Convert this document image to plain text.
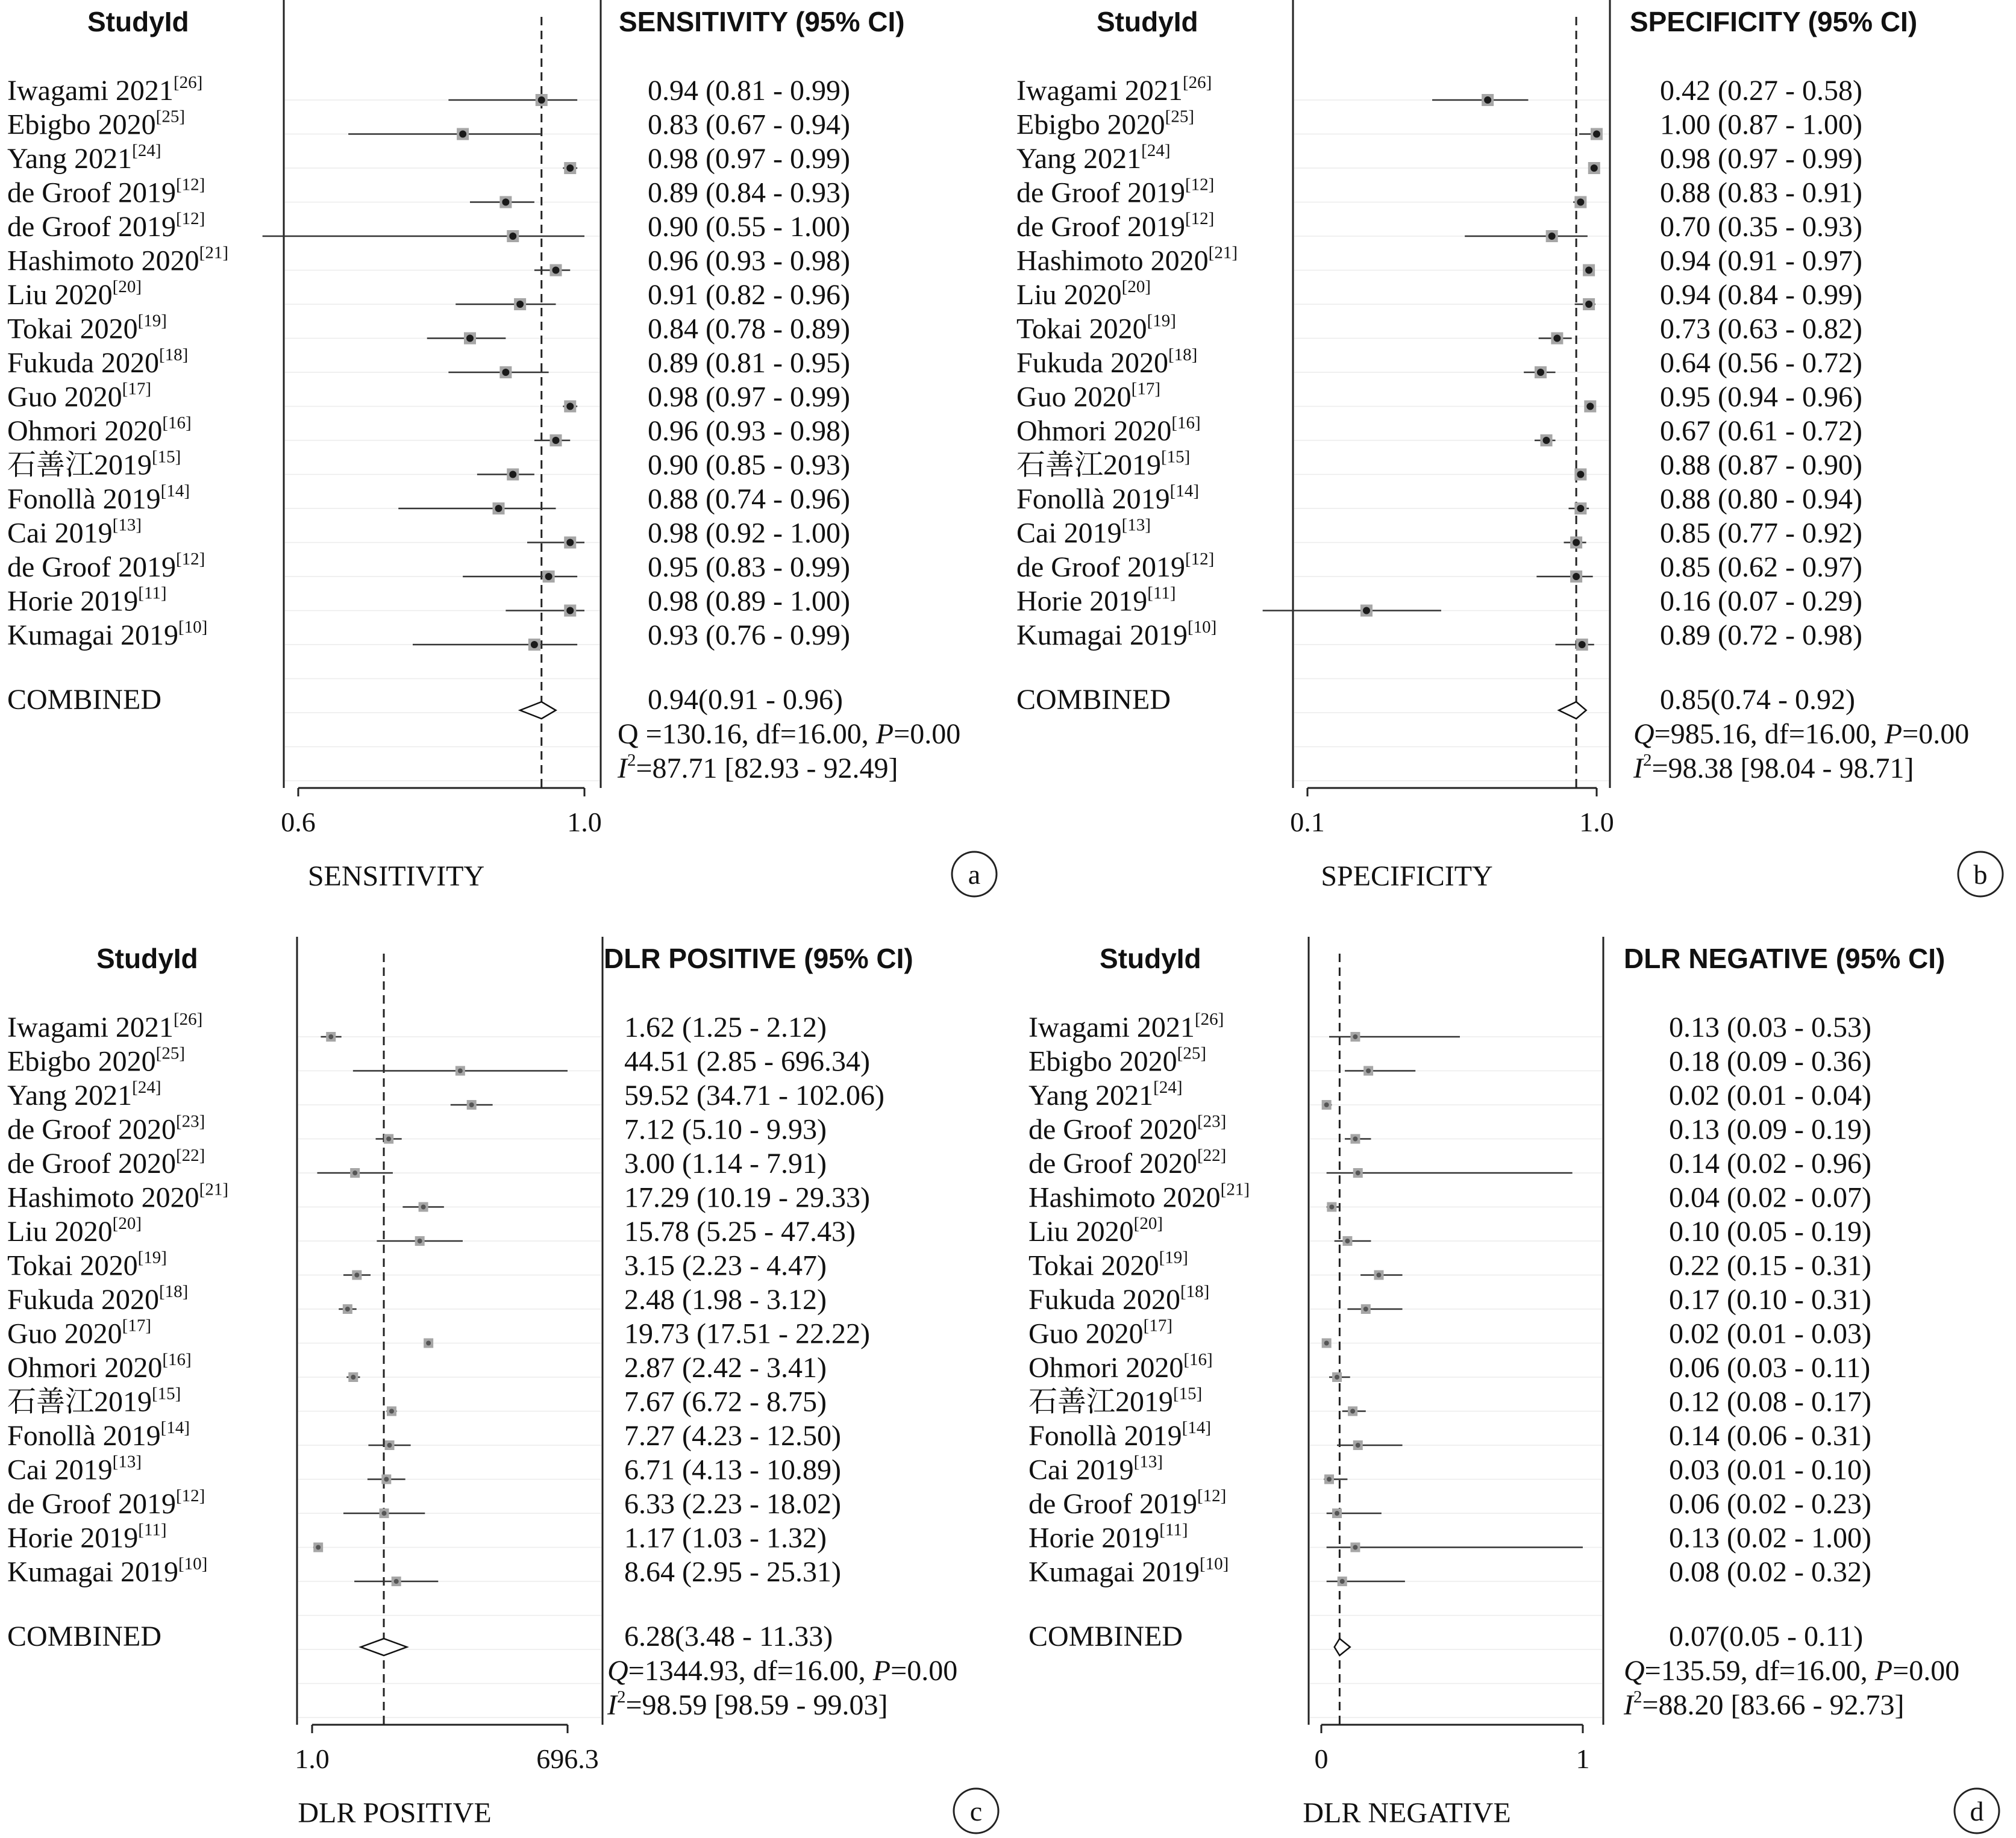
StudyId	SENSITIVITY (95% CI)
0.6	1.0
SENSITIVITY	a
Iwagami 2021[26]	0.94 (0.81 - 0.99)
Ebigbo 2020[25]	0.83 (0.67 - 0.94)
Yang 2021[24]	0.98 (0.97 - 0.99)
de Groof 2019[12]	0.89 (0.84 - 0.93)
de Groof 2019[12]	0.90 (0.55 - 1.00)
Hashimoto 2020[21]	0.96 (0.93 - 0.98)
Liu 2020[20]	0.91 (0.82 - 0.96)
Tokai 2020[19]	0.84 (0.78 - 0.89)
Fukuda 2020[18]	0.89 (0.81 - 0.95)
Guo 2020[17]	0.98 (0.97 - 0.99)
Ohmori 2020[16]	0.96 (0.93 - 0.98)
石善江2019[15]	0.90 (0.85 - 0.93)
Fonollà 2019[14]	0.88 (0.74 - 0.96)
Cai 2019[13]	0.98 (0.92 - 1.00)
de Groof 2019[12]	0.95 (0.83 - 0.99)
Horie 2019[11]	0.98 (0.89 - 1.00)
Kumagai 2019[10]	0.93 (0.76 - 0.99)
COMBINED	0.94(0.91 - 0.96)
Q =130.16, df=16.00, P=0.00
$I^2=87.71$ [82.93 - 92.49]
StudyId	SPECIFICITY (95% CI)
0.1	1.0
SPECIFICITY	b
Iwagami 2021[26]	0.42 (0.27 - 0.58)
Ebigbo 2020[25]	1.00 (0.87 - 1.00)
Yang 2021[24]	0.98 (0.97 - 0.99)
de Groof 2019[12]	0.88 (0.83 - 0.91)
de Groof 2019[12]	0.70 (0.35 - 0.93)
Hashimoto 2020[21]	0.94 (0.91 - 0.97)
Liu 2020[20]	0.94 (0.84 - 0.99)
Tokai 2020[19]	0.73 (0.63 - 0.82)
Fukuda 2020[18]	0.64 (0.56 - 0.72)
Guo 2020[17]	0.95 (0.94 - 0.96)
Ohmori 2020[16]	0.67 (0.61 - 0.72)
石善江2019[15]	0.88 (0.87 - 0.90)
Fonollà 2019[14]	0.88 (0.80 - 0.94)
Cai 2019[13]	0.85 (0.77 - 0.92)
de Groof 2019[12]	0.85 (0.62 - 0.97)
Horie 2019[11]	0.16 (0.07 - 0.29)
Kumagai 2019[10]	0.89 (0.72 - 0.98)
COMBINED	0.85(0.74 - 0.92)
Q=985.16, df=16.00, P=0.00
$I^2=98.38$ [98.04 - 98.71]
StudyId	DLR POSITIVE (95% CI)
1.0	696.3
DLR POSITIVE	c
Iwagami 2021[26]	1.62 (1.25 - 2.12)
Ebigbo 2020[25]	44.51 (2.85 - 696.34)
Yang 2021[24]	59.52 (34.71 - 102.06)
de Groof 2020[23]	7.12 (5.10 - 9.93)
de Groof 2020[22]	3.00 (1.14 - 7.91)
Hashimoto 2020[21]	17.29 (10.19 - 29.33)
Liu 2020[20]	15.78 (5.25 - 47.43)
Tokai 2020[19]	3.15 (2.23 - 4.47)
Fukuda 2020[18]	2.48 (1.98 - 3.12)
Guo 2020[17]	19.73 (17.51 - 22.22)
Ohmori 2020[16]	2.87 (2.42 - 3.41)
石善江2019[15]	7.67 (6.72 - 8.75)
Fonollà 2019[14]	7.27 (4.23 - 12.50)
Cai 2019[13]	6.71 (4.13 - 10.89)
de Groof 2019[12]	6.33 (2.23 - 18.02)
Horie 2019[11]	1.17 (1.03 - 1.32)
Kumagai 2019[10]	8.64 (2.95 - 25.31)
COMBINED	6.28(3.48 - 11.33)
Q=1344.93, df=16.00, P=0.00
$I^2=98.59$ [98.59 - 99.03]
StudyId	DLR NEGATIVE (95% CI)
0	1
DLR NEGATIVE	d
Iwagami 2021[26]	0.13 (0.03 - 0.53)
Ebigbo 2020[25]	0.18 (0.09 - 0.36)
Yang 2021[24]	0.02 (0.01 - 0.04)
de Groof 2020[23]	0.13 (0.09 - 0.19)
de Groof 2020[22]	0.14 (0.02 - 0.96)
Hashimoto 2020[21]	0.04 (0.02 - 0.07)
Liu 2020[20]	0.10 (0.05 - 0.19)
Tokai 2020[19]	0.22 (0.15 - 0.31)
Fukuda 2020[18]	0.17 (0.10 - 0.31)
Guo 2020[17]	0.02 (0.01 - 0.03)
Ohmori 2020[16]	0.06 (0.03 - 0.11)
石善江2019[15]	0.12 (0.08 - 0.17)
Fonollà 2019[14]	0.14 (0.06 - 0.31)
Cai 2019[13]	0.03 (0.01 - 0.10)
de Groof 2019[12]	0.06 (0.02 - 0.23)
Horie 2019[11]	0.13 (0.02 - 1.00)
Kumagai 2019[10]	0.08 (0.02 - 0.32)
COMBINED	0.07(0.05 - 0.11)
Q=135.59, df=16.00, P=0.00
$I^2=88.20$ [83.66 - 92.73]
